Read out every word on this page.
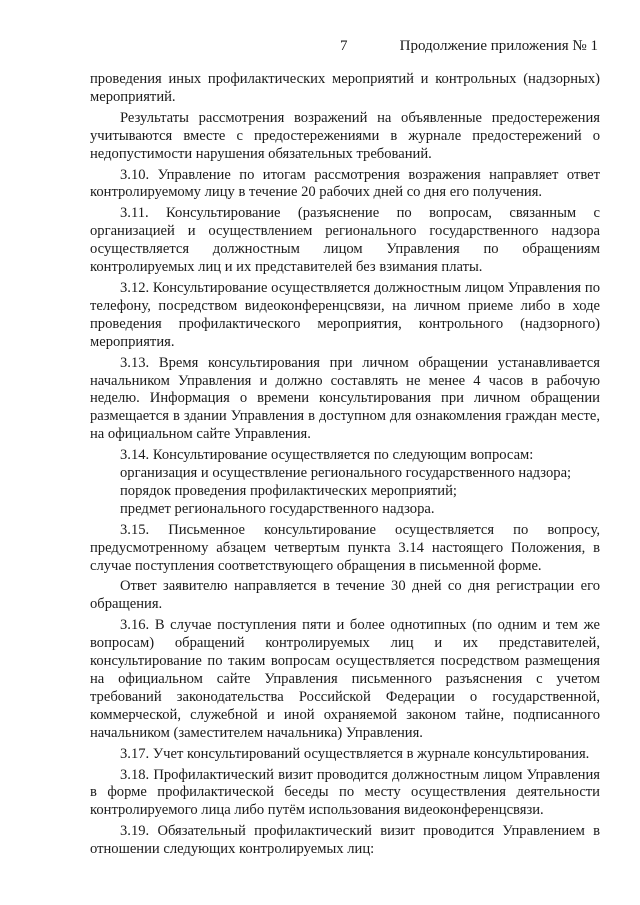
7	Продолжение приложения № 1

проведения иных профилактических мероприятий и контрольных (надзорных) мероприятий.

Результаты рассмотрения возражений на объявленные предостережения учитываются вместе с предостережениями в журнале предостережений о недопустимости нарушения обязательных требований.

3.10. Управление по итогам рассмотрения возражения направляет ответ контролируемому лицу в течение 20 рабочих дней со дня его получения.

3.11. Консультирование (разъяснение по вопросам, связанным с организацией и осуществлением регионального государственного надзора осуществляется должностным лицом Управления по обращениям контролируемых лиц и их представителей без взимания платы.

3.12. Консультирование осуществляется должностным лицом Управления по телефону, посредством видеоконференцсвязи, на личном приеме либо в ходе проведения профилактического мероприятия, контрольного (надзорного) мероприятия.

3.13. Время консультирования при личном обращении устанавливается начальником Управления и должно составлять не менее 4 часов в рабочую неделю. Информация о времени консультирования при личном обращении размещается в здании Управления в доступном для ознакомления граждан месте, на официальном сайте Управления.

3.14. Консультирование осуществляется по следующим вопросам:

организация и осуществление регионального государственного надзора;

порядок проведения профилактических мероприятий;

предмет регионального государственного надзора.

3.15. Письменное консультирование осуществляется по вопросу, предусмотренному абзацем четвертым пункта 3.14 настоящего Положения, в случае поступления соответствующего обращения в письменной форме.

Ответ заявителю направляется в течение 30 дней со дня регистрации его обращения.

3.16. В случае поступления пяти и более однотипных (по одним и тем же вопросам) обращений контролируемых лиц и их представителей, консультирование по таким вопросам осуществляется посредством размещения на официальном сайте Управления письменного разъяснения с учетом требований законодательства Российской Федерации о государственной, коммерческой, служебной и иной охраняемой законом тайне, подписанного начальником (заместителем начальника) Управления.

3.17. Учет консультирований осуществляется в журнале консультирования.

3.18. Профилактический визит проводится должностным лицом Управления в форме профилактической беседы по месту осуществления деятельности контролируемого лица либо путём использования видеоконференцсвязи.

3.19. Обязательный профилактический визит проводится Управлением в отношении следующих контролируемых лиц:
